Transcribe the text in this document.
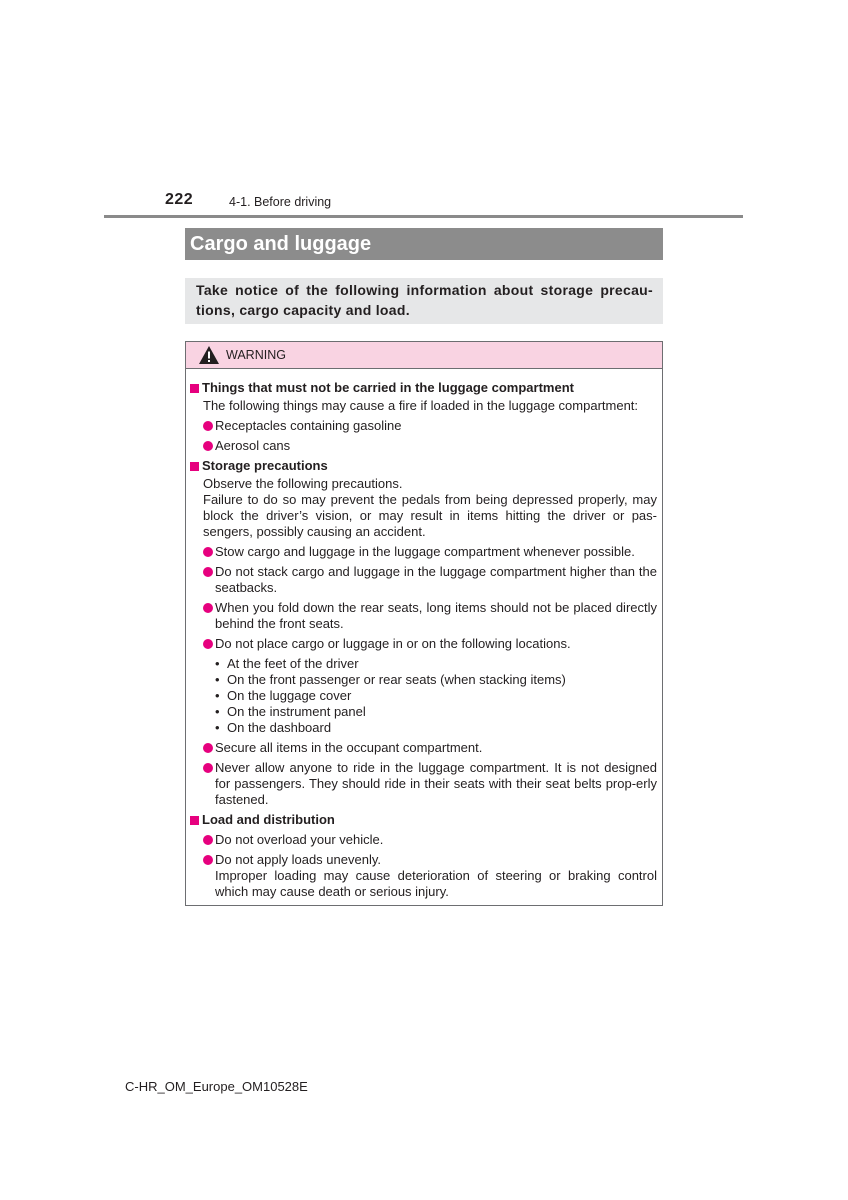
222	4-1. Before driving
Cargo and luggage
Take notice of the following information about storage precau-tions, cargo capacity and load.
WARNING
Things that must not be carried in the luggage compartment
The following things may cause a fire if loaded in the luggage compartment:
Receptacles containing gasoline
Aerosol cans
Storage precautions
Observe the following precautions.
Failure to do so may prevent the pedals from being depressed properly, may block the driver’s vision, or may result in items hitting the driver or pas-sengers, possibly causing an accident.
Stow cargo and luggage in the luggage compartment whenever possible.
Do not stack cargo and luggage in the luggage compartment higher than the seatbacks.
When you fold down the rear seats, long items should not be placed directly behind the front seats.
Do not place cargo or luggage in or on the following locations.
• At the feet of the driver
• On the front passenger or rear seats (when stacking items)
• On the luggage cover
• On the instrument panel
• On the dashboard
Secure all items in the occupant compartment.
Never allow anyone to ride in the luggage compartment. It is not designed for passengers. They should ride in their seats with their seat belts prop-erly fastened.
Load and distribution
Do not overload your vehicle.
Do not apply loads unevenly.
Improper loading may cause deterioration of steering or braking control which may cause death or serious injury.
C-HR_OM_Europe_OM10528E
